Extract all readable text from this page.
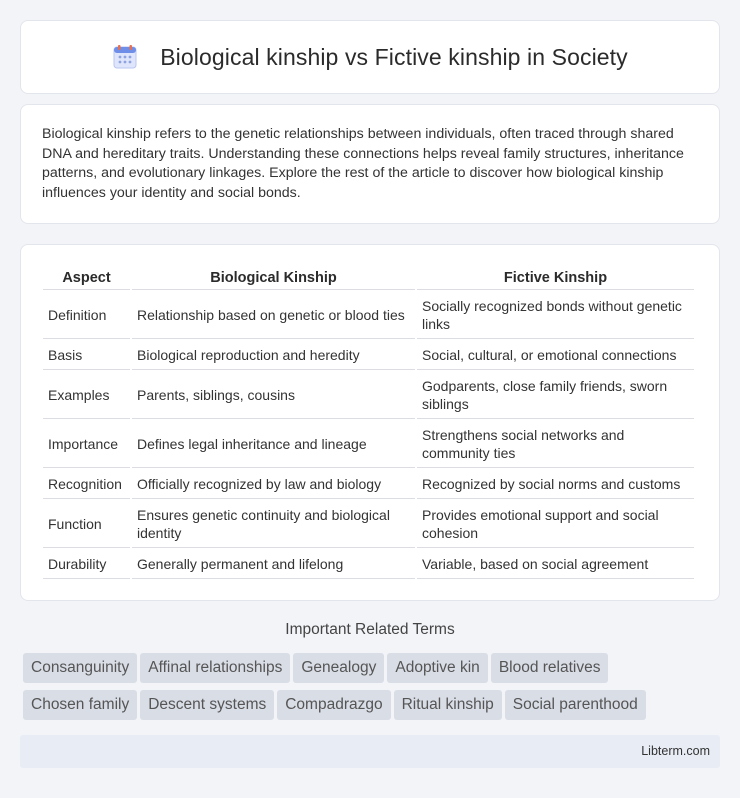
Biological kinship vs Fictive kinship in Society

Biological kinship refers to the genetic relationships between individuals, often traced through shared DNA and hereditary traits. Understanding these connections helps reveal family structures, inheritance patterns, and evolutionary linkages. Explore the rest of the article to discover how biological kinship influences your identity and social bonds.

Aspect	Biological Kinship	Fictive Kinship
Definition	Relationship based on genetic or blood ties	Socially recognized bonds without genetic links
Basis	Biological reproduction and heredity	Social, cultural, or emotional connections
Examples	Parents, siblings, cousins	Godparents, close family friends, sworn siblings
Importance	Defines legal inheritance and lineage	Strengthens social networks and community ties
Recognition	Officially recognized by law and biology	Recognized by social norms and customs
Function	Ensures genetic continuity and biological identity	Provides emotional support and social cohesion
Durability	Generally permanent and lifelong	Variable, based on social agreement
Important Related Terms
Consanguinity Affinal relationships Genealogy Adoptive kin Blood relatives
Chosen family Descent systems Compadrazgo Ritual kinship Social parenthood
Libterm.com
